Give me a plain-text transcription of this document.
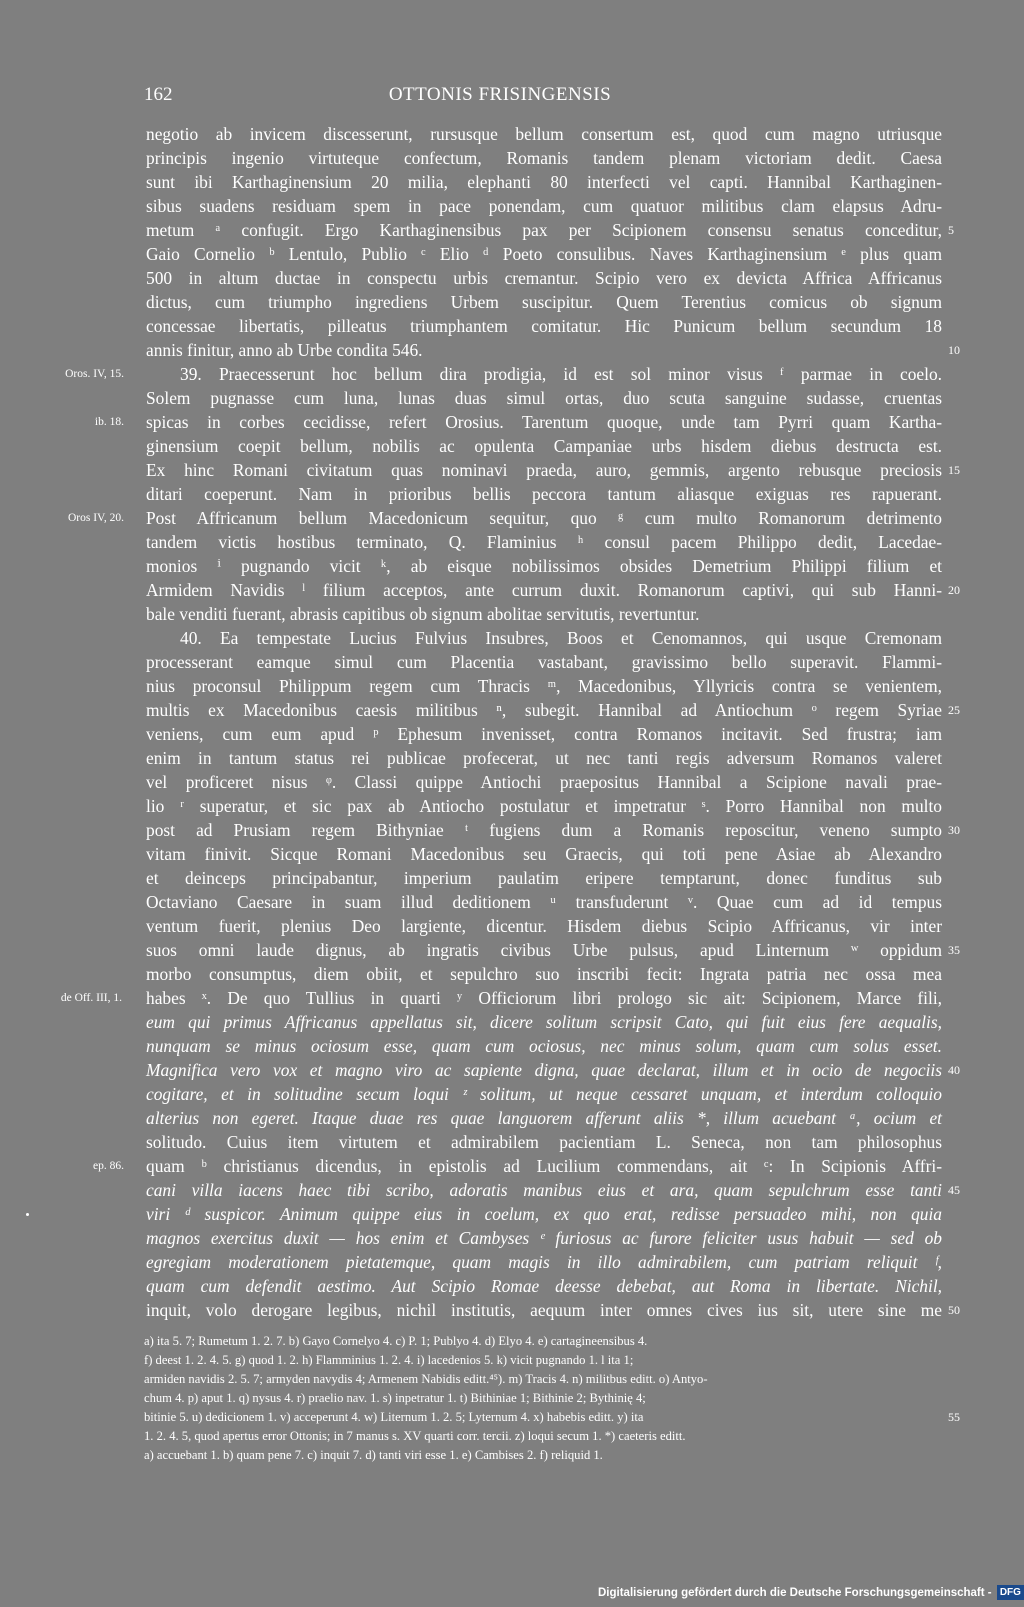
162	OTTONIS FRISINGENSIS
negotio ab invicem discesserunt, rursusque bellum consertum est, quod cum magno utriusque
principis ingenio virtuteque confectum, Romanis tandem plenam victoriam dedit. Caesa
sunt ibi Karthaginensium 20 milia, elephanti 80 interfecti vel capti. Hannibal Karthaginen-
sibus suadens residuam spem in pace ponendam, cum quatuor militibus clam elapsus Adru-
metum ᵃ confugit. Ergo Karthaginensibus pax per Scipionem consensu senatus conceditur,
Gaio Cornelio ᵇ Lentulo, Publio ᶜ Elio ᵈ Poeto consulibus. Naves Karthaginensium ᵉ plus quam
500 in altum ductae in conspectu urbis cremantur. Scipio vero ex devicta Affrica Affricanus
dictus, cum triumpho ingrediens Urbem suscipitur. Quem Terentius comicus ob signum
concessae libertatis, pilleatus triumphantem comitatur. Hic Punicum bellum secundum 18
annis finitur, anno ab Urbe condita 546.
39. Praecesserunt hoc bellum dira prodigia, id est sol minor visus ᶠ parmae in coelo.
Solem pugnasse cum luna, lunas duas simul ortas, duo scuta sanguine sudasse, cruentas
spicas in corbes cecidisse, refert Orosius. Tarentum quoque, unde tam Pyrri quam Kartha-
ginensium coepit bellum, nobilis ac opulenta Campaniae urbs hisdem diebus destructa est.
Ex hinc Romani civitatum quas nominavi praeda, auro, gemmis, argento rebusque preciosis
ditari coeperunt. Nam in prioribus bellis peccora tantum aliasque exiguas res rapuerant.
Post Affricanum bellum Macedonicum sequitur, quo ᵍ cum multo Romanorum detrimento
tandem victis hostibus terminato, Q. Flaminius ʰ consul pacem Philippo dedit, Lacedae-
monios ⁱ pugnando vicit ᵏ, ab eisque nobilissimos obsides Demetrium Philippi filium et
Armidem Navidis ˡ filium acceptos, ante currum duxit. Romanorum captivi, qui sub Hanni-
bale venditi fuerant, abrasis capitibus ob signum abolitae servitutis, revertuntur.
40. Ea tempestate Lucius Fulvius Insubres, Boos et Cenomannos, qui usque Cremonam
processerant eamque simul cum Placentia vastabant, gravissimo bello superavit. Flammi-
nius proconsul Philippum regem cum Thracis ᵐ, Macedonibus, Yllyricis contra se venientem,
multis ex Macedonibus caesis militibus ⁿ, subegit. Hannibal ad Antiochum ᵒ regem Syriae
veniens, cum eum apud ᵖ Ephesum invenisset, contra Romanos incitavit. Sed frustra; iam
enim in tantum status rei publicae profecerat, ut nec tanti regis adversum Romanos valeret
vel proficeret nisus ᵠ. Classi quippe Antiochi praepositus Hannibal a Scipione navali prae-
lio ʳ superatur, et sic pax ab Antiocho postulatur et impetratur ˢ. Porro Hannibal non multo
post ad Prusiam regem Bithyniae ᵗ fugiens dum a Romanis reposcitur, veneno sumpto
vitam finivit. Sicque Romani Macedonibus seu Graecis, qui toti pene Asiae ab Alexandro
et deinceps principabantur, imperium paulatim eripere temptarunt, donec funditus sub
Octaviano Caesare in suam illud deditionem ᵘ transfuderunt ᵛ. Quae cum ad id tempus
ventum fuerit, plenius Deo largiente, dicentur. Hisdem diebus Scipio Affricanus, vir inter
suos omni laude dignus, ab ingratis civibus Urbe pulsus, apud Linternum ʷ oppidum
morbo consumptus, diem obiit, et sepulchro suo inscribi fecit: Ingrata patria nec ossa mea
habes ˣ. De quo Tullius in quarti ʸ Officiorum libri prologo sic ait: Scipionem, Marce fili,
eum qui primus Affricanus appellatus sit, dicere solitum scripsit Cato, qui fuit eius fere aequalis,
nunquam se minus ociosum esse, quam cum ociosus, nec minus solum, quam cum solus esset.
Magnifica vero vox et magno viro ac sapiente digna, quae declarat, illum et in ocio de negociis
cogitare, et in solitudine secum loqui ᶻ solitum, ut neque cessaret unquam, et interdum colloquio
alterius non egeret. Itaque duae res quae languorem afferunt aliis *, illum acuebant ᵃ, ocium et
solitudo. Cuius item virtutem et admirabilem pacientiam L. Seneca, non tam philosophus
quam ᵇ christianus dicendus, in epistolis ad Lucilium commendans, ait ᶜ: In Scipionis Affri-
cani villa iacens haec tibi scribo, adoratis manibus eius et ara, quam sepulchrum esse tanti
viri ᵈ suspicor. Animum quippe eius in coelum, ex quo erat, redisse persuadeo mihi, non quia
magnos exercitus duxit — hos enim et Cambyses ᵉ furiosus ac furore feliciter usus habuit — sed ob
egregiam moderationem pietatemque, quam magis in illo admirabilem, cum patriam reliquit ᶠ,
quam cum defendit aestimo. Aut Scipio Romae deesse debebat, aut Roma in libertate. Nichil,
inquit, volo derogare legibus, nichil institutis, aequum inter omnes cives ius sit, utere sine me
5
10
15
20
25
30
35
40
45
50
Oros. IV, 15.
ib. 18.
Oros IV, 20.
de Off. III, 1.
ep. 86.
a) ita 5. 7; Rumetum 1. 2. 7. b) Gayo Cornelyo 4. c) P. 1; Publyo 4. d) Elyo 4. e) cartagineensibus 4.
f) deest 1. 2. 4. 5. g) quod 1. 2. h) Flamminius 1. 2. 4. i) lacedenios 5. k) vicit pugnando 1. l ita 1;
armiden navidis 2. 5. 7; armyden navydis 4; Armenem Nabidis editt.⁴⁵). m) Tracis 4. n) militbus editt. o) Antyo-
chum 4. p) aput 1. q) nysus 4. r) praelio nav. 1. s) inpetratur 1. t) Bithiniae 1; Bithinie 2; Bythinię 4;
bitinie 5. u) dedicionem 1. v) acceperunt 4. w) Liternum 1. 2. 5; Lyternum 4. x) habebis editt. y) ita
1. 2. 4. 5, quod apertus error Ottonis; in 7 manus s. XV quarti corr. tercii. z) loqui secum 1. *) caeteris editt.
a) accuebant 1. b) quam pene 7. c) inquit 7. d) tanti viri esse 1. e) Cambises 2. f) reliquid 1.
55
Digitalisierung gefördert durch die Deutsche Forschungsgemeinschaft - DFG
